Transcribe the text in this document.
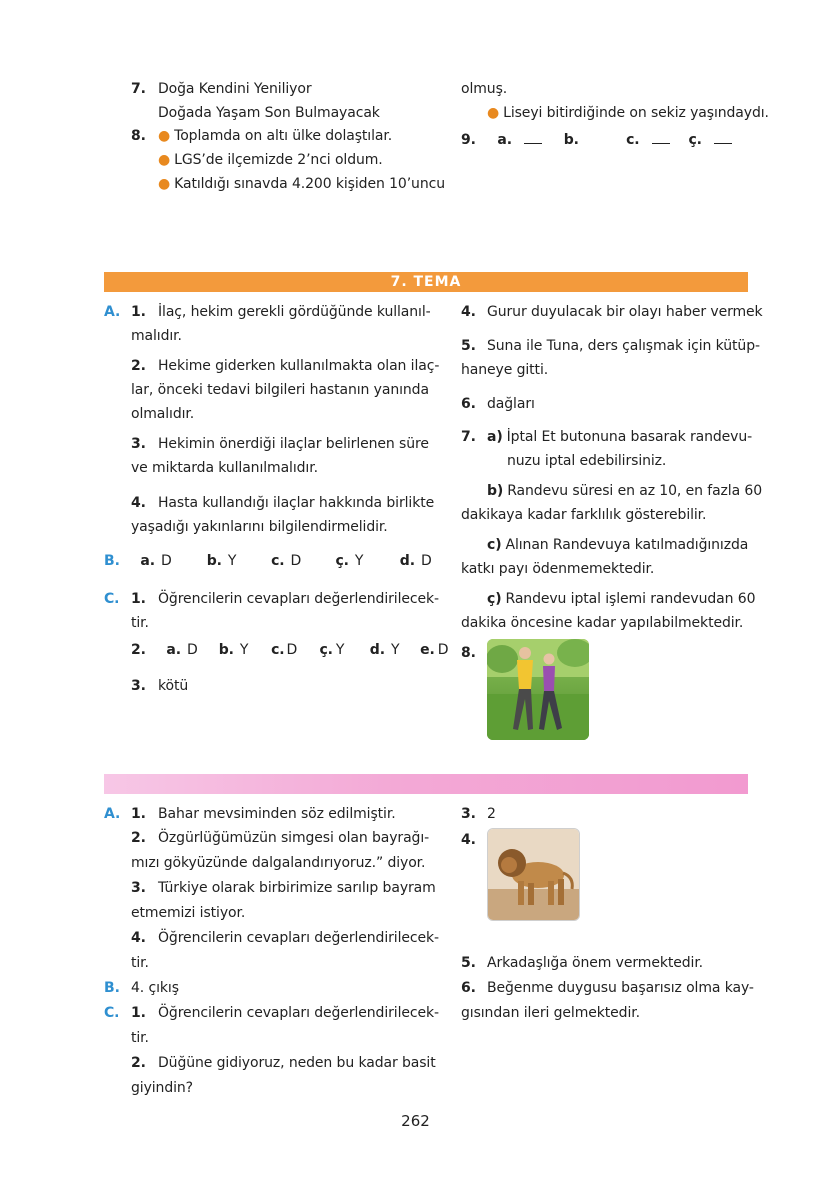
7. Doğa Kendini Yeniliyor
Doğada Yaşam Son Bulmayacak
8. ● Toplamda on altı ülke dolaştılar.
● LGS’de ilçemizde 2’nci oldum.
● Katıldığı sınavda 4.200 kişiden 10’uncu
olmuş.
● Liseyi bitirdiğinde on sekiz yaşındaydı.
9. a.	b.	c.	ç.
7. TEMA
A. 1. İlaç, hekim gerekli gördüğünde kullanıl-
malıdır.
2. Hekime giderken kullanılmakta olan ilaç-
lar, önceki tedavi bilgileri hastanın yanında
olmalıdır.
3. Hekimin önerdiği ilaçlar belirlenen süre
ve miktarda kullanılmalıdır.
4. Hasta kullandığı ilaçlar hakkında birlikte
yaşadığı yakınlarını bilgilendirmelidir.
B. a. D	b. Y c. D ç. Y	d. D
C. 1. Öğrencilerin cevapları değerlendirilecek-
tir.
2. a. D b. Y c. D ç. Y d. Y e. D
3. kötü
4. Gurur duyulacak bir olayı haber vermek
5. Suna ile Tuna, ders çalışmak için kütüp-
haneye gitti.
6. dağları
7. a) İptal Et butonuna basarak randevu-
nuzu iptal edebilirsiniz.
b) Randevu süresi en az 10, en fazla 60
dakikaya kadar farklılık gösterebilir.
c) Alınan Randevuya katılmadığınızda
katkı payı ödenmemektedir.
ç) Randevu iptal işlemi randevudan 60
dakika öncesine kadar yapılabilmektedir.
8.
A. 1. Bahar mevsiminden söz edilmiştir.
2. Özgürlüğümüzün simgesi olan bayrağı-
mızı gökyüzünde dalgalandırıyoruz.” diyor.
3. Türkiye olarak birbirimize sarılıp bayram
etmemizi istiyor.
4. Öğrencilerin cevapları değerlendirilecek-
tir.
B. 4. çıkış
C. 1. Öğrencilerin cevapları değerlendirilecek-
tir.
2. Düğüne gidiyoruz, neden bu kadar basit
giyindin?
3. 2
4.
5. Arkadaşlığa önem vermektedir.
6. Beğenme duygusu başarısız olma kay-
gısından ileri gelmektedir.
262
